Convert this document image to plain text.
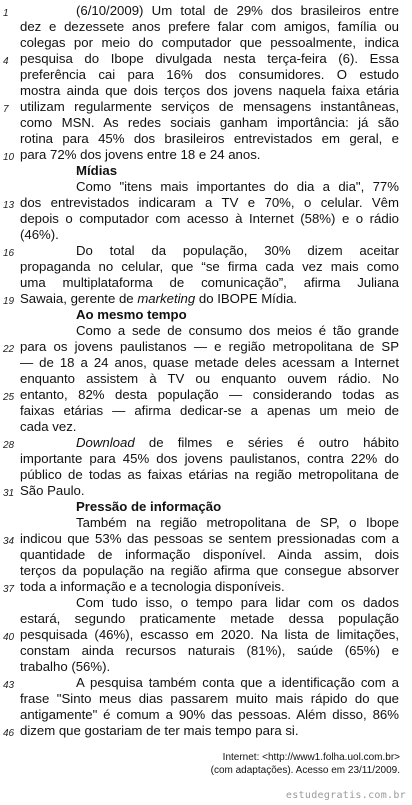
1	(6/10/2009) Um total de 29% dos brasileiros entre
dez e dezessete anos prefere falar com amigos, família ou
colegas por meio do computador que pessoalmente, indica
4 pesquisa do Ibope divulgada nesta terça-feira (6). Essa
preferência cai para 16% dos consumidores. O estudo
mostra ainda que dois terços dos jovens naquela faixa etária
7 utilizam regularmente serviços de mensagens instantâneas,
como MSN. As redes sociais ganham importância: já são
rotina para 45% dos brasileiros entrevistados em geral, e
10 para 72% dos jovens entre 18 e 24 anos.
Mídias
Como "itens mais importantes do dia a dia", 77%
13 dos entrevistados indicaram a TV e 70%, o celular. Vêm
depois o computador com acesso à Internet (58%) e o rádio
(46%).
16	Do total da população, 30% dizem aceitar
propaganda no celular, que “se firma cada vez mais como
uma multiplataforma de comunicação”, afirma Juliana
19 Sawaia, gerente de marketing do IBOPE Mídia.
Ao mesmo tempo
Como a sede de consumo dos meios é tão grande
22 para os jovens paulistanos — e região metropolitana de SP
— de 18 a 24 anos, quase metade deles acessam a Internet
enquanto assistem à TV ou enquanto ouvem rádio. No
25 entanto, 82% desta população — considerando todas as
faixas etárias — afirma dedicar-se a apenas um meio de
cada vez.
28	Download de filmes e séries é outro hábito
importante para 45% dos jovens paulistanos, contra 22% do
público de todas as faixas etárias na região metropolitana de
31 São Paulo.
Pressão de informação
Também na região metropolitana de SP, o Ibope
34 indicou que 53% das pessoas se sentem pressionadas com a
quantidade de informação disponível. Ainda assim, dois
terços da população na região afirma que consegue absorver
37 toda a informação e a tecnologia disponíveis.
Com tudo isso, o tempo para lidar com os dados
estará, segundo praticamente metade dessa população
40 pesquisada (46%), escasso em 2020. Na lista de limitações,
constam ainda recursos naturais (81%), saúde (65%) e
trabalho (56%).
43	A pesquisa também conta que a identificação com a
frase "Sinto meus dias passarem muito mais rápido do que
antigamente" é comum a 90% das pessoas. Além disso, 86%
46 dizem que gostariam de ter mais tempo para si.
Internet: <http://www1.folha.uol.com.br>
(com adaptações). Acesso em 23/11/2009.
estudegratis.com.br
